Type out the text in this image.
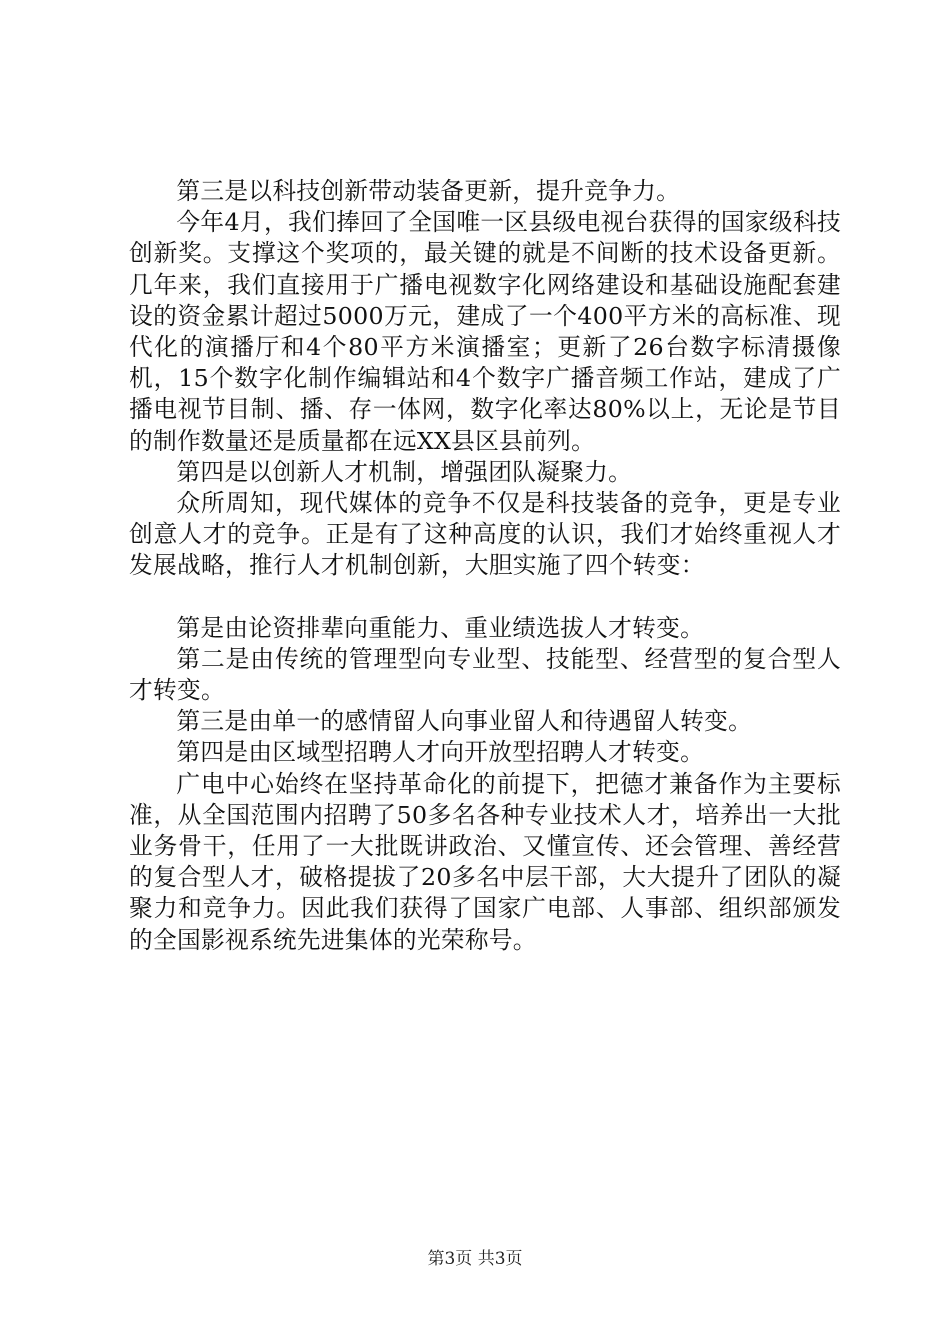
第三是以科技创新带动装备更新，提升竞争力。

今年4月，我们捧回了全国唯一区县级电视台获得的国家级科技创新奖。支撑这个奖项的，最关键的就是不间断的技术设备更新。几年来，我们直接用于广播电视数字化网络建设和基础设施配套建设的资金累计超过5000万元，建成了一个400平方米的高标准、现代化的演播厅和4个80平方米演播室；更新了26台数字标清摄像机，15个数字化制作编辑站和4个数字广播音频工作站，建成了广播电视节目制、播、存一体网，数字化率达80%以上，无论是节目的制作数量还是质量都在远XX县区县前列。

第四是以创新人才机制，增强团队凝聚力。

众所周知，现代媒体的竞争不仅是科技装备的竞争，更是专业创意人才的竞争。正是有了这种高度的认识，我们才始终重视人才发展战略，推行人才机制创新，大胆实施了四个转变：

第是由论资排辈向重能力、重业绩选拔人才转变。

第二是由传统的管理型向专业型、技能型、经营型的复合型人才转变。

第三是由单一的感情留人向事业留人和待遇留人转变。

第四是由区域型招聘人才向开放型招聘人才转变。

广电中心始终在坚持革命化的前提下，把德才兼备作为主要标准，从全国范围内招聘了50多名各种专业技术人才，培养出一大批业务骨干，任用了一大批既讲政治、又懂宣传、还会管理、善经营的复合型人才，破格提拔了20多名中层干部，大大提升了团队的凝聚力和竞争力。因此我们获得了国家广电部、人事部、组织部颁发的全国影视系统先进集体的光荣称号。

第3页 共3页
